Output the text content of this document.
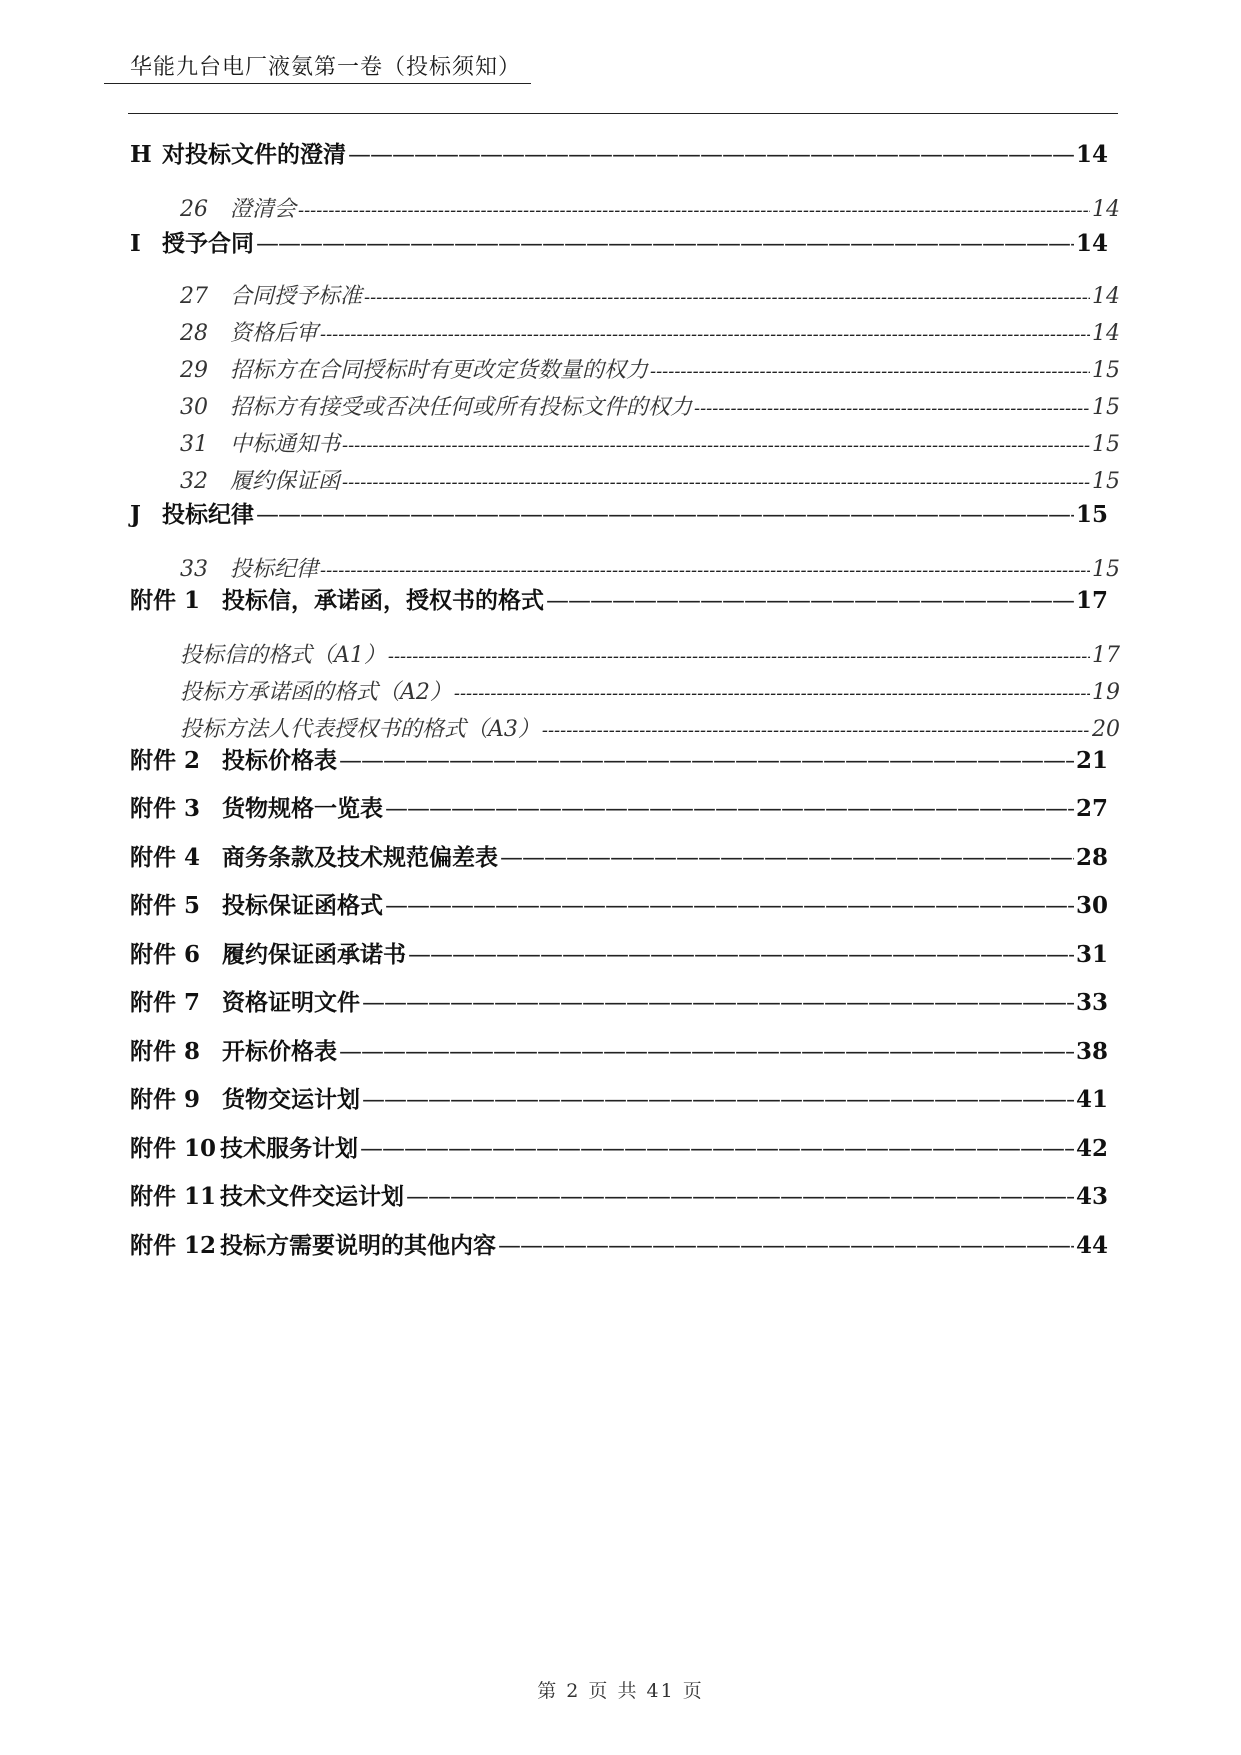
华能九台电厂液氨第一卷（投标须知）
H 对投标文件的澄清 —————	14
26 澄清会 -----	14
I 授予合同 —————	14
27 合同授予标准 -----	14
28 资格后审 -----	14
29 招标方在合同授标时有更改定货数量的权力 -----	15
30 招标方有接受或否决任何或所有投标文件的权力 -----	15
31 中标通知书 -----	15
32 履约保证函 -----	15
J 投标纪律 —————	15
33 投标纪律 -----	15
附件 1 投标信，承诺函，授权书的格式 —————	17
投标信的格式（A1） -----	17
投标方承诺函的格式（A2） -----	19
投标方法人代表授权书的格式（A3） -----	20
附件 2 投标价格表 —————	21
附件 3 货物规格一览表 —————	27
附件 4 商务条款及技术规范偏差表 —————	28
附件 5 投标保证函格式 —————	30
附件 6 履约保证函承诺书 —————	31
附件 7 资格证明文件 —————	33
附件 8 开标价格表 —————	38
附件 9 货物交运计划 —————	41
附件 10 技术服务计划 —————	42
附件 11 技术文件交运计划 —————	43
附件 12 投标方需要说明的其他内容 —————	44
第 2 页 共 41 页
